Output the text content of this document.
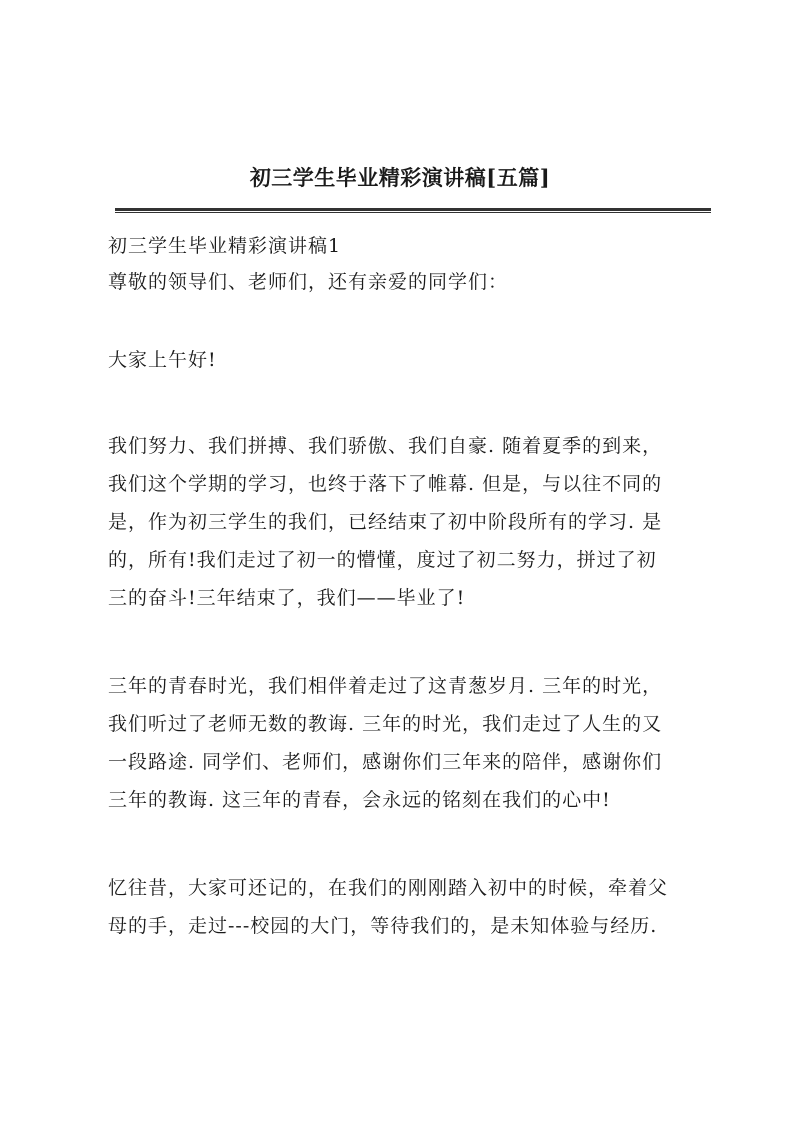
初三学生毕业精彩演讲稿[五篇]

初三学生毕业精彩演讲稿1

尊敬的领导们、老师们，还有亲爱的同学们：

大家上午好!

我们努力、我们拼搏、我们骄傲、我们自豪. 随着夏季的到来，

我们这个学期的学习，也终于落下了帷幕. 但是，与以往不同的

是，作为初三学生的我们，已经结束了初中阶段所有的学习. 是

的，所有!我们走过了初一的懵懂，度过了初二努力，拼过了初

三的奋斗!三年结束了，我们——毕业了!

三年的青春时光，我们相伴着走过了这青葱岁月. 三年的时光，

我们听过了老师无数的教诲. 三年的时光，我们走过了人生的又

一段路途. 同学们、老师们，感谢你们三年来的陪伴，感谢你们

三年的教诲. 这三年的青春，会永远的铭刻在我们的心中!

忆往昔，大家可还记的，在我们的刚刚踏入初中的时候，牵着父

母的手，走过---校园的大门，等待我们的，是未知体验与经历.
